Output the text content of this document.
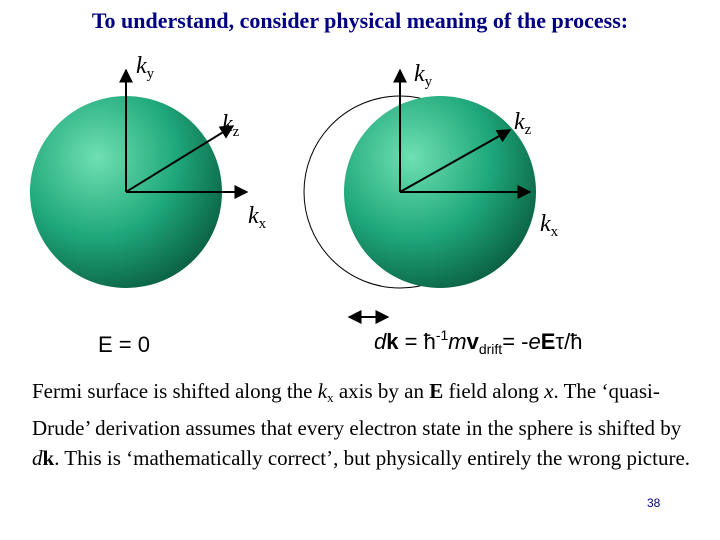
To understand, consider physical meaning of the process:
$k_y$
$k_z$
$k_x$
$k_y$
$k_z$
$k_x$
E = 0	dk = $ħ^{-1}mv_{drift}=$ -eEτ/ħ
Fermi surface is shifted along the $k_x$ axis by an E field along x. The ‘quasi-Drude’ derivation assumes that every electron state in the sphere is shifted by dk. This is ‘mathematically correct’, but physically entirely the wrong picture.
38
